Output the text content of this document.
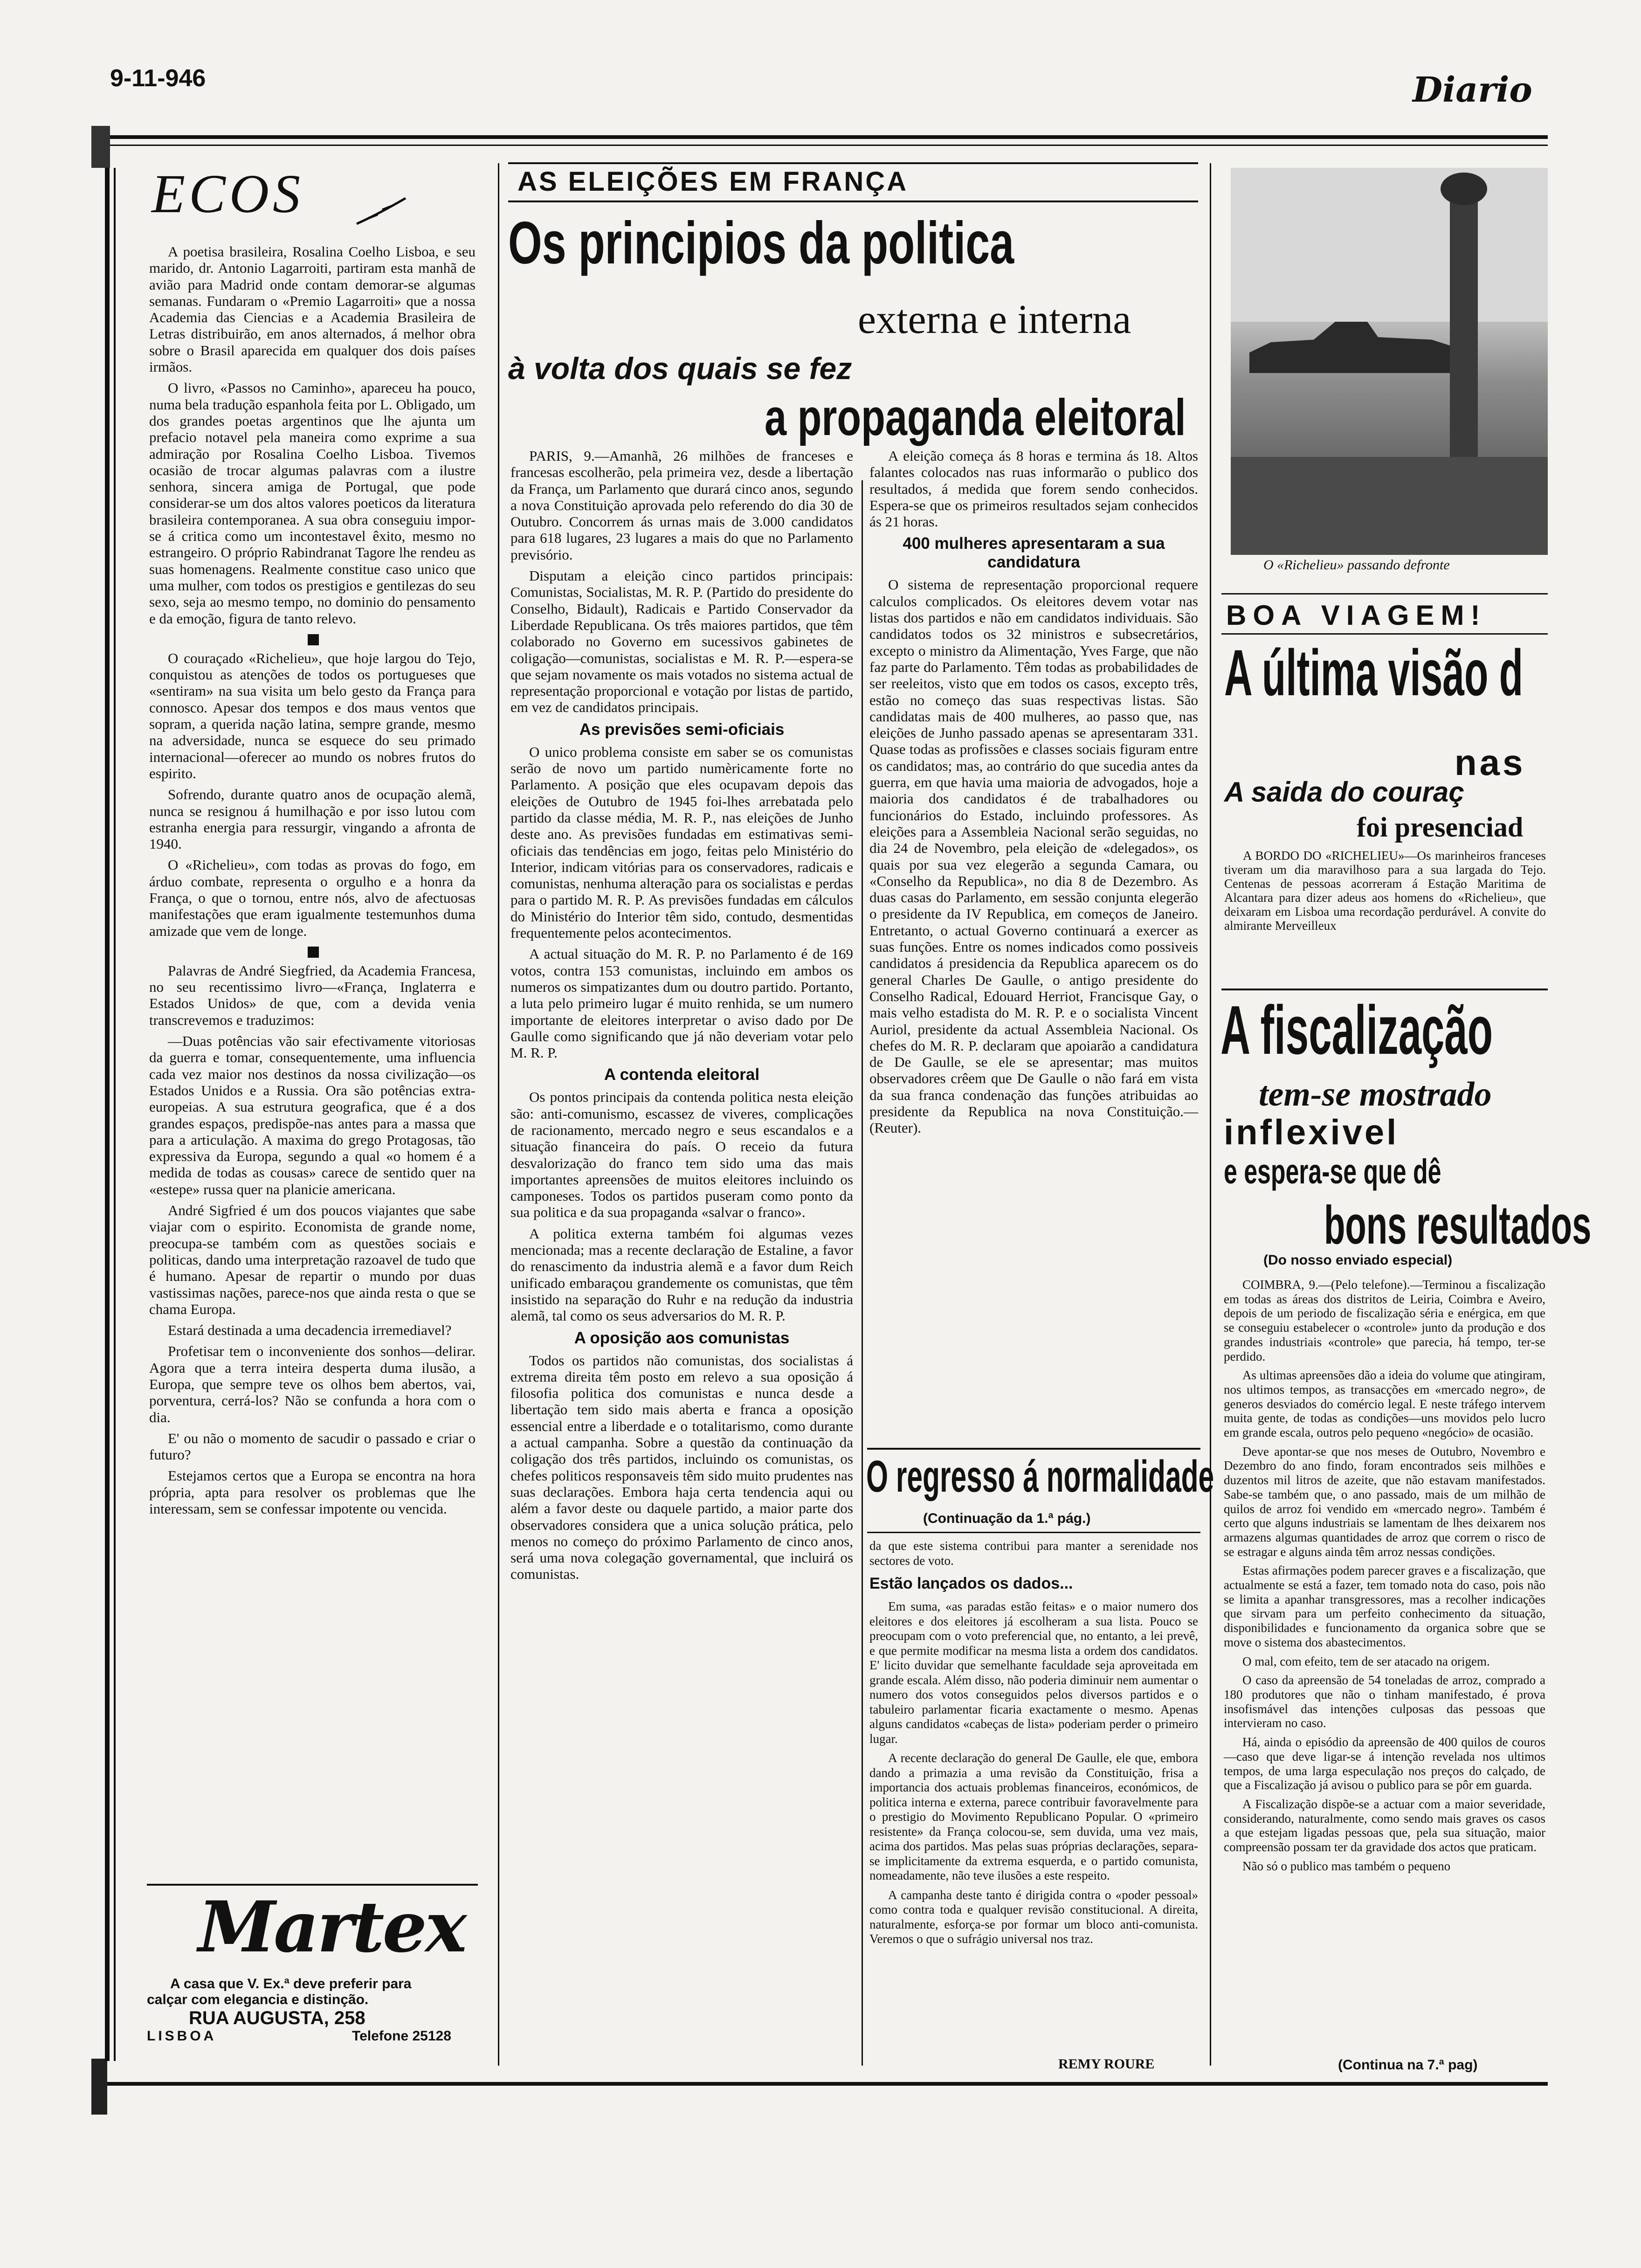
9-11-946	Diario
ECOS

A poetisa brasileira, Rosalina Coelho Lisboa, e seu marido, dr. Antonio Lagarroiti, partiram esta manhã de avião para Madrid onde contam demorar-se algumas semanas. Fundaram o «Premio Lagarroiti» que a nossa Academia das Ciencias e a Academia Brasileira de Letras distribuirão, em anos alternados, á melhor obra sobre o Brasil aparecida em qualquer dos dois países irmãos.

O livro, «Passos no Caminho», apareceu ha pouco, numa bela tradução espanhola feita por L. Obligado, um dos grandes poetas argentinos que lhe ajunta um prefacio notavel pela maneira como exprime a sua admiração por Rosalina Coelho Lisboa. Tivemos ocasião de trocar algumas palavras com a ilustre senhora, sincera amiga de Portugal, que pode considerar-se um dos altos valores poeticos da literatura brasileira contemporanea. A sua obra conseguiu impor-se á critica como um incontestavel êxito, mesmo no estrangeiro. O próprio Rabindranat Tagore lhe rendeu as suas homenagens. Realmente constitue caso unico que uma mulher, com todos os prestigios e gentilezas do seu sexo, seja ao mesmo tempo, no dominio do pensamento e da emoção, figura de tanto relevo.

O couraçado «Richelieu», que hoje largou do Tejo, conquistou as atenções de todos os portugueses que «sentiram» na sua visita um belo gesto da França para connosco. Apesar dos tempos e dos maus ventos que sopram, a querida nação latina, sempre grande, mesmo na adversidade, nunca se esquece do seu primado internacional—oferecer ao mundo os nobres frutos do espirito.

Sofrendo, durante quatro anos de ocupação alemã, nunca se resignou á humilhação e por isso lutou com estranha energia para ressurgir, vingando a afronta de 1940.

O «Richelieu», com todas as provas do fogo, em árduo combate, representa o orgulho e a honra da França, o que o tornou, entre nós, alvo de afectuosas manifestações que eram igualmente testemunhos duma amizade que vem de longe.

Palavras de André Siegfried, da Academia Francesa, no seu recentissimo livro—«França, Inglaterra e Estados Unidos» de que, com a devida venia transcrevemos e traduzimos:

—Duas potências vão sair efectivamente vitoriosas da guerra e tomar, consequentemente, uma influencia cada vez maior nos destinos da nossa civilização—os Estados Unidos e a Russia. Ora são potências extra-europeias. A sua estrutura geografica, que é a dos grandes espaços, predispõe-nas antes para a massa que para a articulação. A maxima do grego Protagosas, tão expressiva da Europa, segundo a qual «o homem é a medida de todas as cousas» carece de sentido quer na «estepe» russa quer na planicie americana.

André Sigfried é um dos poucos viajantes que sabe viajar com o espirito. Economista de grande nome, preocupa-se também com as questões sociais e politicas, dando uma interpretação razoavel de tudo que é humano. Apesar de repartir o mundo por duas vastissimas nações, parece-nos que ainda resta o que se chama Europa.

Estará destinada a uma decadencia irremediavel?

Profetisar tem o inconveniente dos sonhos—delirar. Agora que a terra inteira desperta duma ilusão, a Europa, que sempre teve os olhos bem abertos, vai, porventura, cerrá-los? Não se confunda a hora com o dia.

E' ou não o momento de sacudir o passado e criar o futuro?

Estejamos certos que a Europa se encontra na hora própria, apta para resolver os problemas que lhe interessam, sem se confessar impotente ou vencida.

Martex
A casa que V. Ex.ª deve preferir para
calçar com elegancia e distinção.
RUA AUGUSTA, 258
LISBOA	Telefone 25128
AS ELEIÇÕES EM FRANÇA
Os principios da politica
externa e interna
à volta dos quais se fez
a propaganda eleitoral

PARIS, 9.—Amanhã, 26 milhões de franceses e francesas escolherão, pela primeira vez, desde a libertação da França, um Parlamento que durará cinco anos, segundo a nova Constituição aprovada pelo referendo do dia 30 de Outubro. Concorrem ás urnas mais de 3.000 candidatos para 618 lugares, 23 lugares a mais do que no Parlamento previsório.

Disputam a eleição cinco partidos principais: Comunistas, Socialistas, M. R. P. (Partido do presidente do Conselho, Bidault), Radicais e Partido Conservador da Liberdade Republicana. Os três maiores partidos, que têm colaborado no Governo em sucessivos gabinetes de coligação—comunistas, socialistas e M. R. P.—espera-se que sejam novamente os mais votados no sistema actual de representação proporcional e votação por listas de partido, em vez de candidatos principais.

As previsões semi-oficiais

O unico problema consiste em saber se os comunistas serão de novo um partido numèricamente forte no Parlamento. A posição que eles ocupavam depois das eleições de Outubro de 1945 foi-lhes arrebatada pelo partido da classe média, M. R. P., nas eleições de Junho deste ano. As previsões fundadas em estimativas semi-oficiais das tendências em jogo, feitas pelo Ministério do Interior, indicam vitórias para os conservadores, radicais e comunistas, nenhuma alteração para os socialistas e perdas para o partido M. R. P. As previsões fundadas em cálculos do Ministério do Interior têm sido, contudo, desmentidas frequentemente pelos acontecimentos.

A actual situação do M. R. P. no Parlamento é de 169 votos, contra 153 comunistas, incluindo em ambos os numeros os simpatizantes dum ou doutro partido. Portanto, a luta pelo primeiro lugar é muito renhida, se um numero importante de eleitores interpretar o aviso dado por De Gaulle como significando que já não deveriam votar pelo M. R. P.

A contenda eleitoral

Os pontos principais da contenda politica nesta eleição são: anti-comunismo, escassez de viveres, complicações de racionamento, mercado negro e seus escandalos e a situação financeira do país. O receio da futura desvalorização do franco tem sido uma das mais importantes apreensões de muitos eleitores incluindo os camponeses. Todos os partidos puseram como ponto da sua politica e da sua propaganda «salvar o franco».

A politica externa também foi algumas vezes mencionada; mas a recente declaração de Estaline, a favor do renascimento da industria alemã e a favor dum Reich unificado embaraçou grandemente os comunistas, que têm insistido na separação do Ruhr e na redução da industria alemã, tal como os seus adversarios do M. R. P.

A oposição aos comunistas

Todos os partidos não comunistas, dos socialistas á extrema direita têm posto em relevo a sua oposição á filosofia politica dos comunistas e nunca desde a libertação tem sido mais aberta e franca a oposição essencial entre a liberdade e o totalitarismo, como durante a actual campanha. Sobre a questão da continuação da coligação dos três partidos, incluindo os comunistas, os chefes politicos responsaveis têm sido muito prudentes nas suas declarações. Embora haja certa tendencia aqui ou além a favor deste ou daquele partido, a maior parte dos observadores considera que a unica solução prática, pelo menos no começo do próximo Parlamento de cinco anos, será uma nova colegação governamental, que incluirá os comunistas.

A eleição começa ás 8 horas e termina ás 18. Altos falantes colocados nas ruas informarão o publico dos resultados, á medida que forem sendo conhecidos. Espera-se que os primeiros resultados sejam conhecidos ás 21 horas.

400 mulheres apresentaram a sua candidatura

O sistema de representação proporcional requere calculos complicados. Os eleitores devem votar nas listas dos partidos e não em candidatos individuais. São candidatos todos os 32 ministros e subsecretários, excepto o ministro da Alimentação, Yves Farge, que não faz parte do Parlamento. Têm todas as probabilidades de ser reeleitos, visto que em todos os casos, excepto três, estão no começo das suas respectivas listas. São candidatas mais de 400 mulheres, ao passo que, nas eleições de Junho passado apenas se apresentaram 331. Quase todas as profissões e classes sociais figuram entre os candidatos; mas, ao contrário do que sucedia antes da guerra, em que havia uma maioria de advogados, hoje a maioria dos candidatos é de trabalhadores ou funcionários do Estado, incluindo professores. As eleições para a Assembleia Nacional serão seguidas, no dia 24 de Novembro, pela eleição de «delegados», os quais por sua vez elegerão a segunda Camara, ou «Conselho da Republica», no dia 8 de Dezembro. As duas casas do Parlamento, em sessão conjunta elegerão o presidente da IV Republica, em começos de Janeiro. Entretanto, o actual Governo continuará a exercer as suas funções. Entre os nomes indicados como possiveis candidatos á presidencia da Republica aparecem os do general Charles De Gaulle, o antigo presidente do Conselho Radical, Edouard Herriot, Francisque Gay, o mais velho estadista do M. R. P. e o socialista Vincent Auriol, presidente da actual Assembleia Nacional. Os chefes do M. R. P. declaram que apoiarão a candidatura de De Gaulle, se ele se apresentar; mas muitos observadores crêem que De Gaulle o não fará em vista da sua franca condenação das funções atribuidas ao presidente da Republica na nova Constituição.—(Reuter).

O regresso á normalidade
(Continuação da 1.ª pág.)

da que este sistema contribui para manter a serenidade nos sectores de voto.

Estão lançados os dados...

Em suma, «as paradas estão feitas» e o maior numero dos eleitores e dos eleitores já escolheram a sua lista. Pouco se preocupam com o voto preferencial que, no entanto, a lei prevê, e que permite modificar na mesma lista a ordem dos candidatos. E' licito duvidar que semelhante faculdade seja aproveitada em grande escala. Além disso, não poderia diminuir nem aumentar o numero dos votos conseguidos pelos diversos partidos e o tabuleiro parlamentar ficaria exactamente o mesmo. Apenas alguns candidatos «cabeças de lista» poderiam perder o primeiro lugar.

A recente declaração do general De Gaulle, ele que, embora dando a primazia a uma revisão da Constituição, frisa a importancia dos actuais problemas financeiros, económicos, de politica interna e externa, parece contribuir favoravelmente para o prestigio do Movimento Republicano Popular. O «primeiro resistente» da França colocou-se, sem duvida, uma vez mais, acima dos partidos. Mas pelas suas próprias declarações, separa-se implicitamente da extrema esquerda, e o partido comunista, nomeadamente, não teve ilusões a este respeito.

A campanha deste tanto é dirigida contra o «poder pessoal» como contra toda e qualquer revisão constitucional. A direita, naturalmente, esforça-se por formar um bloco anti-comunista. Veremos o que o sufrágio universal nos traz.

REMY ROURE
O «Richelieu» passando defronte
BOA VIAGEM!
A última visão d
nas
A saida do couraç
foi presenciad
A BORDO DO «RICHELIEU»—Os marinheiros franceses tiveram um dia maravilhoso para a sua largada do Tejo. Centenas de pessoas acorreram á Estação Maritima de Alcantara para dizer adeus aos homens do «Richelieu», que deixaram em Lisboa uma recordação perdurável. A convite do almirante Merveilleux
A fiscalização
tem-se mostrado
inflexivel
e espera-se que dê
bons resultados
(Do nosso enviado especial)

COIMBRA, 9.—(Pelo telefone).—Terminou a fiscalização em todas as áreas dos distritos de Leiria, Coimbra e Aveiro, depois de um periodo de fiscalização séria e enérgica, em que se conseguiu estabelecer o «controle» junto da produção e dos grandes industriais «controle» que parecia, há tempo, ter-se perdido.

As ultimas apreensões dão a ideia do volume que atingiram, nos ultimos tempos, as transacções em «mercado negro», de generos desviados do comércio legal. E neste tráfego intervem muita gente, de todas as condições—uns movidos pelo lucro em grande escala, outros pelo pequeno «negócio» de ocasião.

Deve apontar-se que nos meses de Outubro, Novembro e Dezembro do ano findo, foram encontrados seis milhões e duzentos mil litros de azeite, que não estavam manifestados. Sabe-se também que, o ano passado, mais de um milhão de quilos de arroz foi vendido em «mercado negro». Também é certo que alguns industriais se lamentam de lhes deixarem nos armazens algumas quantidades de arroz que correm o risco de se estragar e alguns ainda têm arroz nessas condições.

Estas afirmações podem parecer graves e a fiscalização, que actualmente se está a fazer, tem tomado nota do caso, pois não se limita a apanhar transgressores, mas a recolher indicações que sirvam para um perfeito conhecimento da situação, disponibilidades e funcionamento da organica sobre que se move o sistema dos abastecimentos.

O mal, com efeito, tem de ser atacado na origem.

O caso da apreensão de 54 toneladas de arroz, comprado a 180 produtores que não o tinham manifestado, é prova insofismável das intenções culposas das pessoas que intervieram no caso.

Há, ainda o episódio da apreensão de 400 quilos de couros—caso que deve ligar-se á intenção revelada nos ultimos tempos, de uma larga especulação nos preços do calçado, de que a Fiscalização já avisou o publico para se pôr em guarda.

A Fiscalização dispõe-se a actuar com a maior severidade, considerando, naturalmente, como sendo mais graves os casos a que estejam ligadas pessoas que, pela sua situação, maior compreensão possam ter da gravidade dos actos que praticam.

Não só o publico mas também o pequeno

(Continua na 7.ª pag)
